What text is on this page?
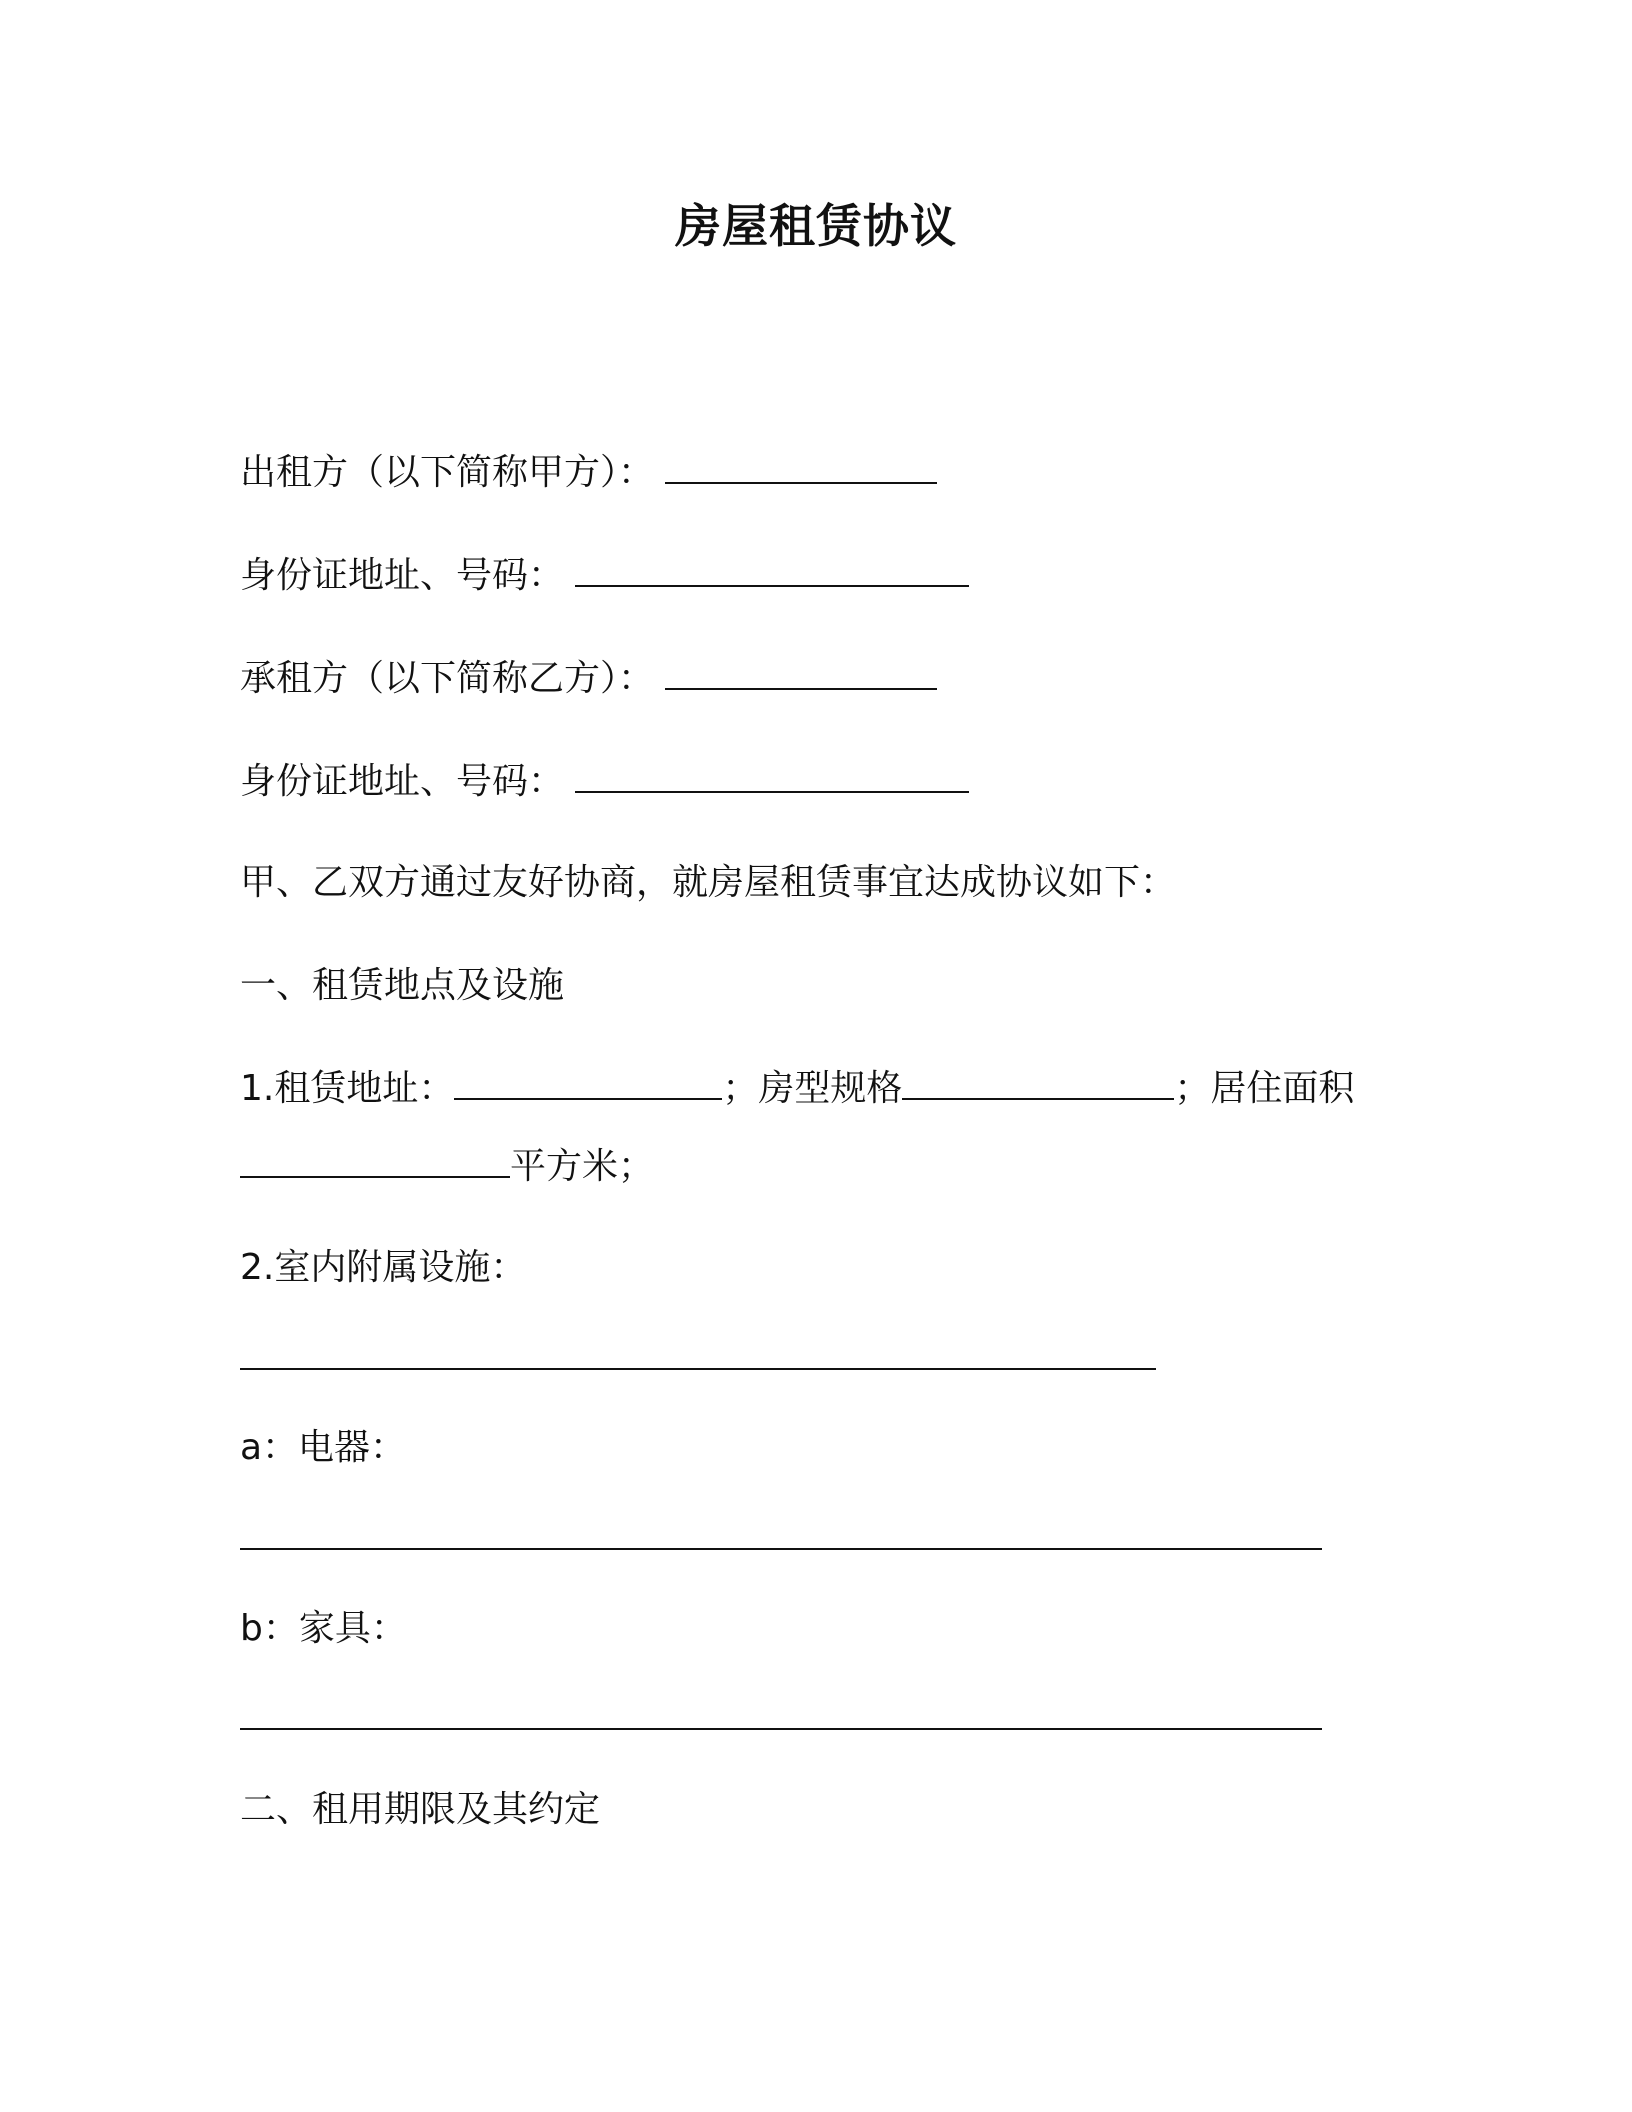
房屋租赁协议
出租方（以下简称甲方）：
身份证地址、号码：
承租方（以下简称乙方）：
身份证地址、号码：
甲、乙双方通过友好协商，就房屋租赁事宜达成协议如下：
一、租赁地点及设施
1.租赁地址：	；房型规格	；居住面积
平方米；
2.室内附属设施：
a：电器：
b：家具：
二、租用期限及其约定
